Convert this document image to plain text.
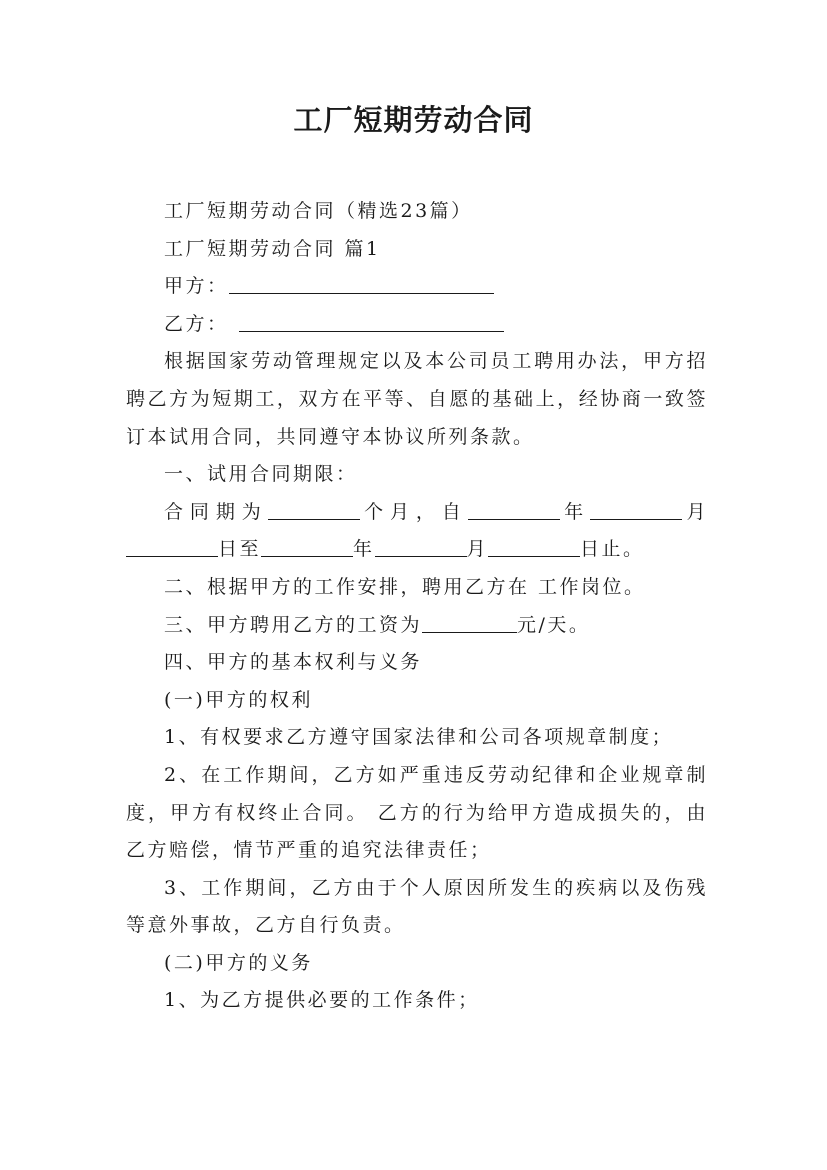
工厂短期劳动合同

工厂短期劳动合同（精选23篇）

工厂短期劳动合同 篇1

甲方：

乙方：

根据国家劳动管理规定以及本公司员工聘用办法，甲方招聘乙方为短期工，双方在平等、自愿的基础上，经协商一致签订本试用合同，共同遵守本协议所列条款。

一、试用合同期限：

合同期为	个月，自	年	月日至	年	月	日止。

二、根据甲方的工作安排，聘用乙方在 工作岗位。

三、甲方聘用乙方的工资为	元/天。

四、甲方的基本权利与义务

(一)甲方的权利

1、有权要求乙方遵守国家法律和公司各项规章制度；

2、在工作期间，乙方如严重违反劳动纪律和企业规章制度，甲方有权终止合同。 乙方的行为给甲方造成损失的，由乙方赔偿，情节严重的追究法律责任；

3、工作期间，乙方由于个人原因所发生的疾病以及伤残等意外事故，乙方自行负责。

(二)甲方的义务

1、为乙方提供必要的工作条件；
